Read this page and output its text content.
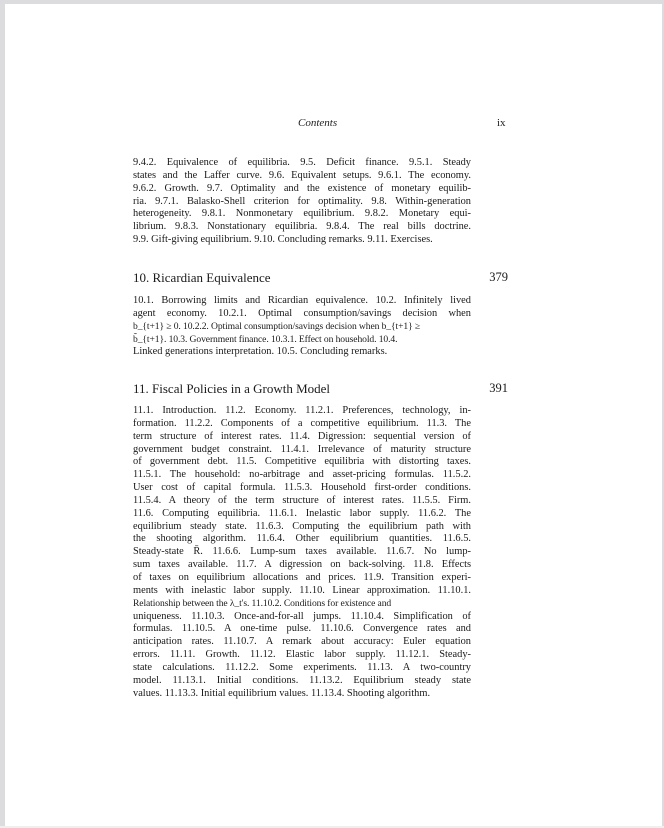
Contents	ix
9.4.2. Equivalence of equilibria. 9.5. Deficit finance. 9.5.1. Steady
states and the Laffer curve. 9.6. Equivalent setups. 9.6.1. The economy.
9.6.2. Growth. 9.7. Optimality and the existence of monetary equilib-
ria. 9.7.1. Balasko-Shell criterion for optimality. 9.8. Within-generation
heterogeneity. 9.8.1. Nonmonetary equilibrium. 9.8.2. Monetary equi-
librium. 9.8.3. Nonstationary equilibria. 9.8.4. The real bills doctrine.
9.9. Gift-giving equilibrium. 9.10. Concluding remarks. 9.11. Exercises.
10. Ricardian Equivalence	379
10.1. Borrowing limits and Ricardian equivalence. 10.2. Infinitely lived
agent economy. 10.2.1. Optimal consumption/savings decision when
b_{t+1} ≥ 0. 10.2.2. Optimal consumption/savings decision when b_{t+1} ≥
b̃_{t+1}. 10.3. Government finance. 10.3.1. Effect on household. 10.4.
Linked generations interpretation. 10.5. Concluding remarks.
11. Fiscal Policies in a Growth Model	391
11.1. Introduction. 11.2. Economy. 11.2.1. Preferences, technology, in-
formation. 11.2.2. Components of a competitive equilibrium. 11.3. The
term structure of interest rates. 11.4. Digression: sequential version of
government budget constraint. 11.4.1. Irrelevance of maturity structure
of government debt. 11.5. Competitive equilibria with distorting taxes.
11.5.1. The household: no-arbitrage and asset-pricing formulas. 11.5.2.
User cost of capital formula. 11.5.3. Household first-order conditions.
11.5.4. A theory of the term structure of interest rates. 11.5.5. Firm.
11.6. Computing equilibria. 11.6.1. Inelastic labor supply. 11.6.2. The
equilibrium steady state. 11.6.3. Computing the equilibrium path with
the shooting algorithm. 11.6.4. Other equilibrium quantities. 11.6.5.
Steady-state R̄. 11.6.6. Lump-sum taxes available. 11.6.7. No lump-
sum taxes available. 11.7. A digression on back-solving. 11.8. Effects
of taxes on equilibrium allocations and prices. 11.9. Transition experi-
ments with inelastic labor supply. 11.10. Linear approximation. 11.10.1.
Relationship between the λ_t's. 11.10.2. Conditions for existence and
uniqueness. 11.10.3. Once-and-for-all jumps. 11.10.4. Simplification of
formulas. 11.10.5. A one-time pulse. 11.10.6. Convergence rates and
anticipation rates. 11.10.7. A remark about accuracy: Euler equation
errors. 11.11. Growth. 11.12. Elastic labor supply. 11.12.1. Steady-
state calculations. 11.12.2. Some experiments. 11.13. A two-country
model. 11.13.1. Initial conditions. 11.13.2. Equilibrium steady state
values. 11.13.3. Initial equilibrium values. 11.13.4. Shooting algorithm.
